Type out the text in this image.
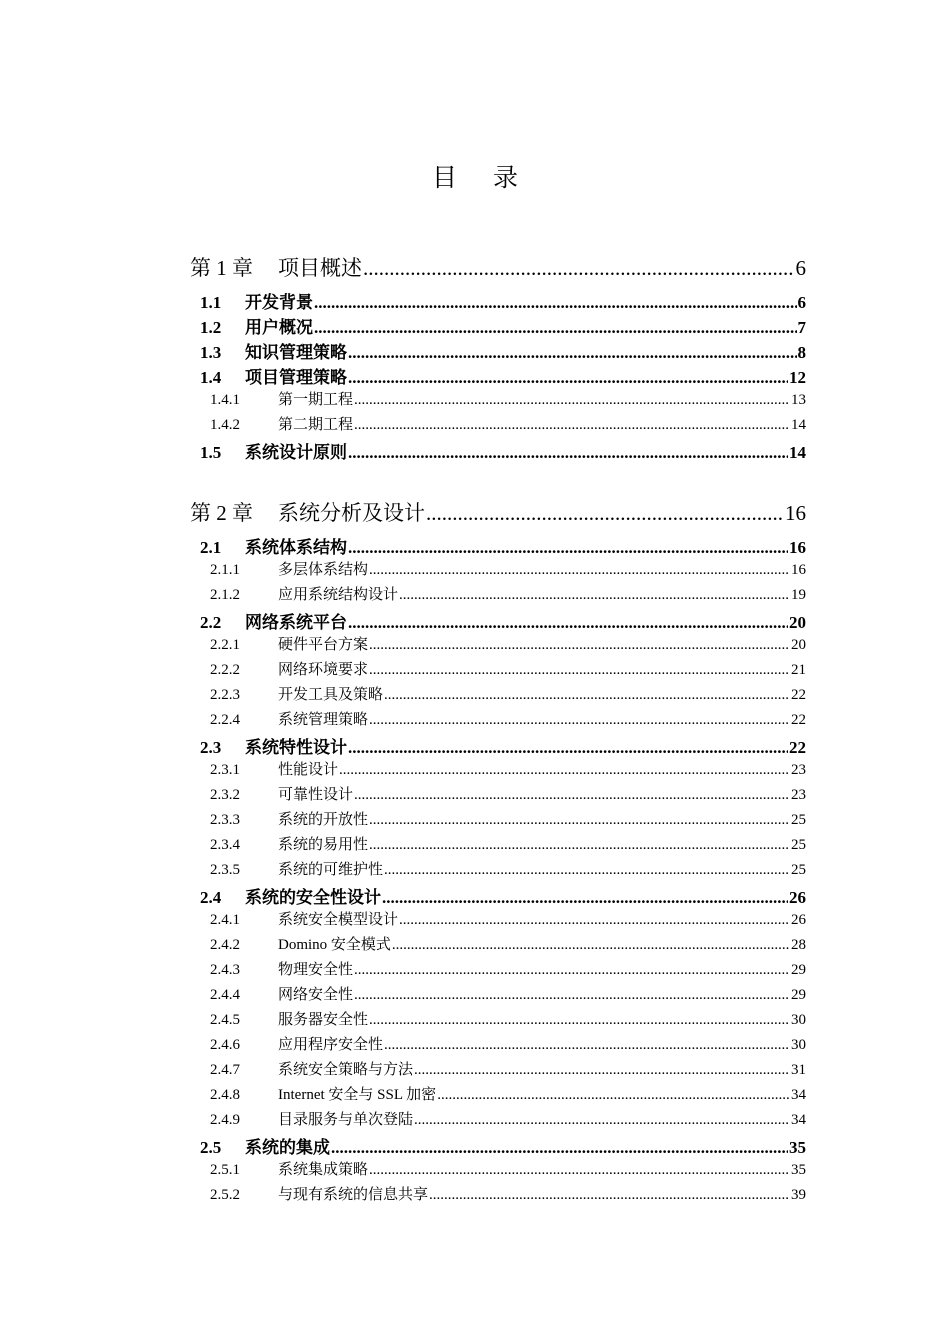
目 录
第 1 章	项目概述 .....	6
1.1	开发背景 .....	6
1.2	用户概况 .....	7
1.3	知识管理策略 .....	8
1.4	项目管理策略 .....	12
1.4.1	第一期工程 .....	13
1.4.2	第二期工程 .....	14
1.5	系统设计原则 .....	14
第 2 章	系统分析及设计 .....	16
2.1	系统体系结构 .....	16
2.1.1	多层体系结构 .....	16
2.1.2	应用系统结构设计 .....	19
2.2	网络系统平台 .....	20
2.2.1	硬件平台方案 .....	20
2.2.2	网络环境要求 .....	21
2.2.3	开发工具及策略 .....	22
2.2.4	系统管理策略 .....	22
2.3	系统特性设计 .....	22
2.3.1	性能设计 .....	23
2.3.2	可靠性设计 .....	23
2.3.3	系统的开放性 .....	25
2.3.4	系统的易用性 .....	25
2.3.5	系统的可维护性 .....	25
2.4	系统的安全性设计 .....	26
2.4.1	系统安全模型设计 .....	26
2.4.2	Domino 安全模式 .....	28
2.4.3	物理安全性 .....	29
2.4.4	网络安全性 .....	29
2.4.5	服务器安全性 .....	30
2.4.6	应用程序安全性 .....	30
2.4.7	系统安全策略与方法 .....	31
2.4.8	Internet 安全与 SSL 加密 .....	34
2.4.9	目录服务与单次登陆 .....	34
2.5	系统的集成 .....	35
2.5.1	系统集成策略 .....	35
2.5.2	与现有系统的信息共享 .....	39
